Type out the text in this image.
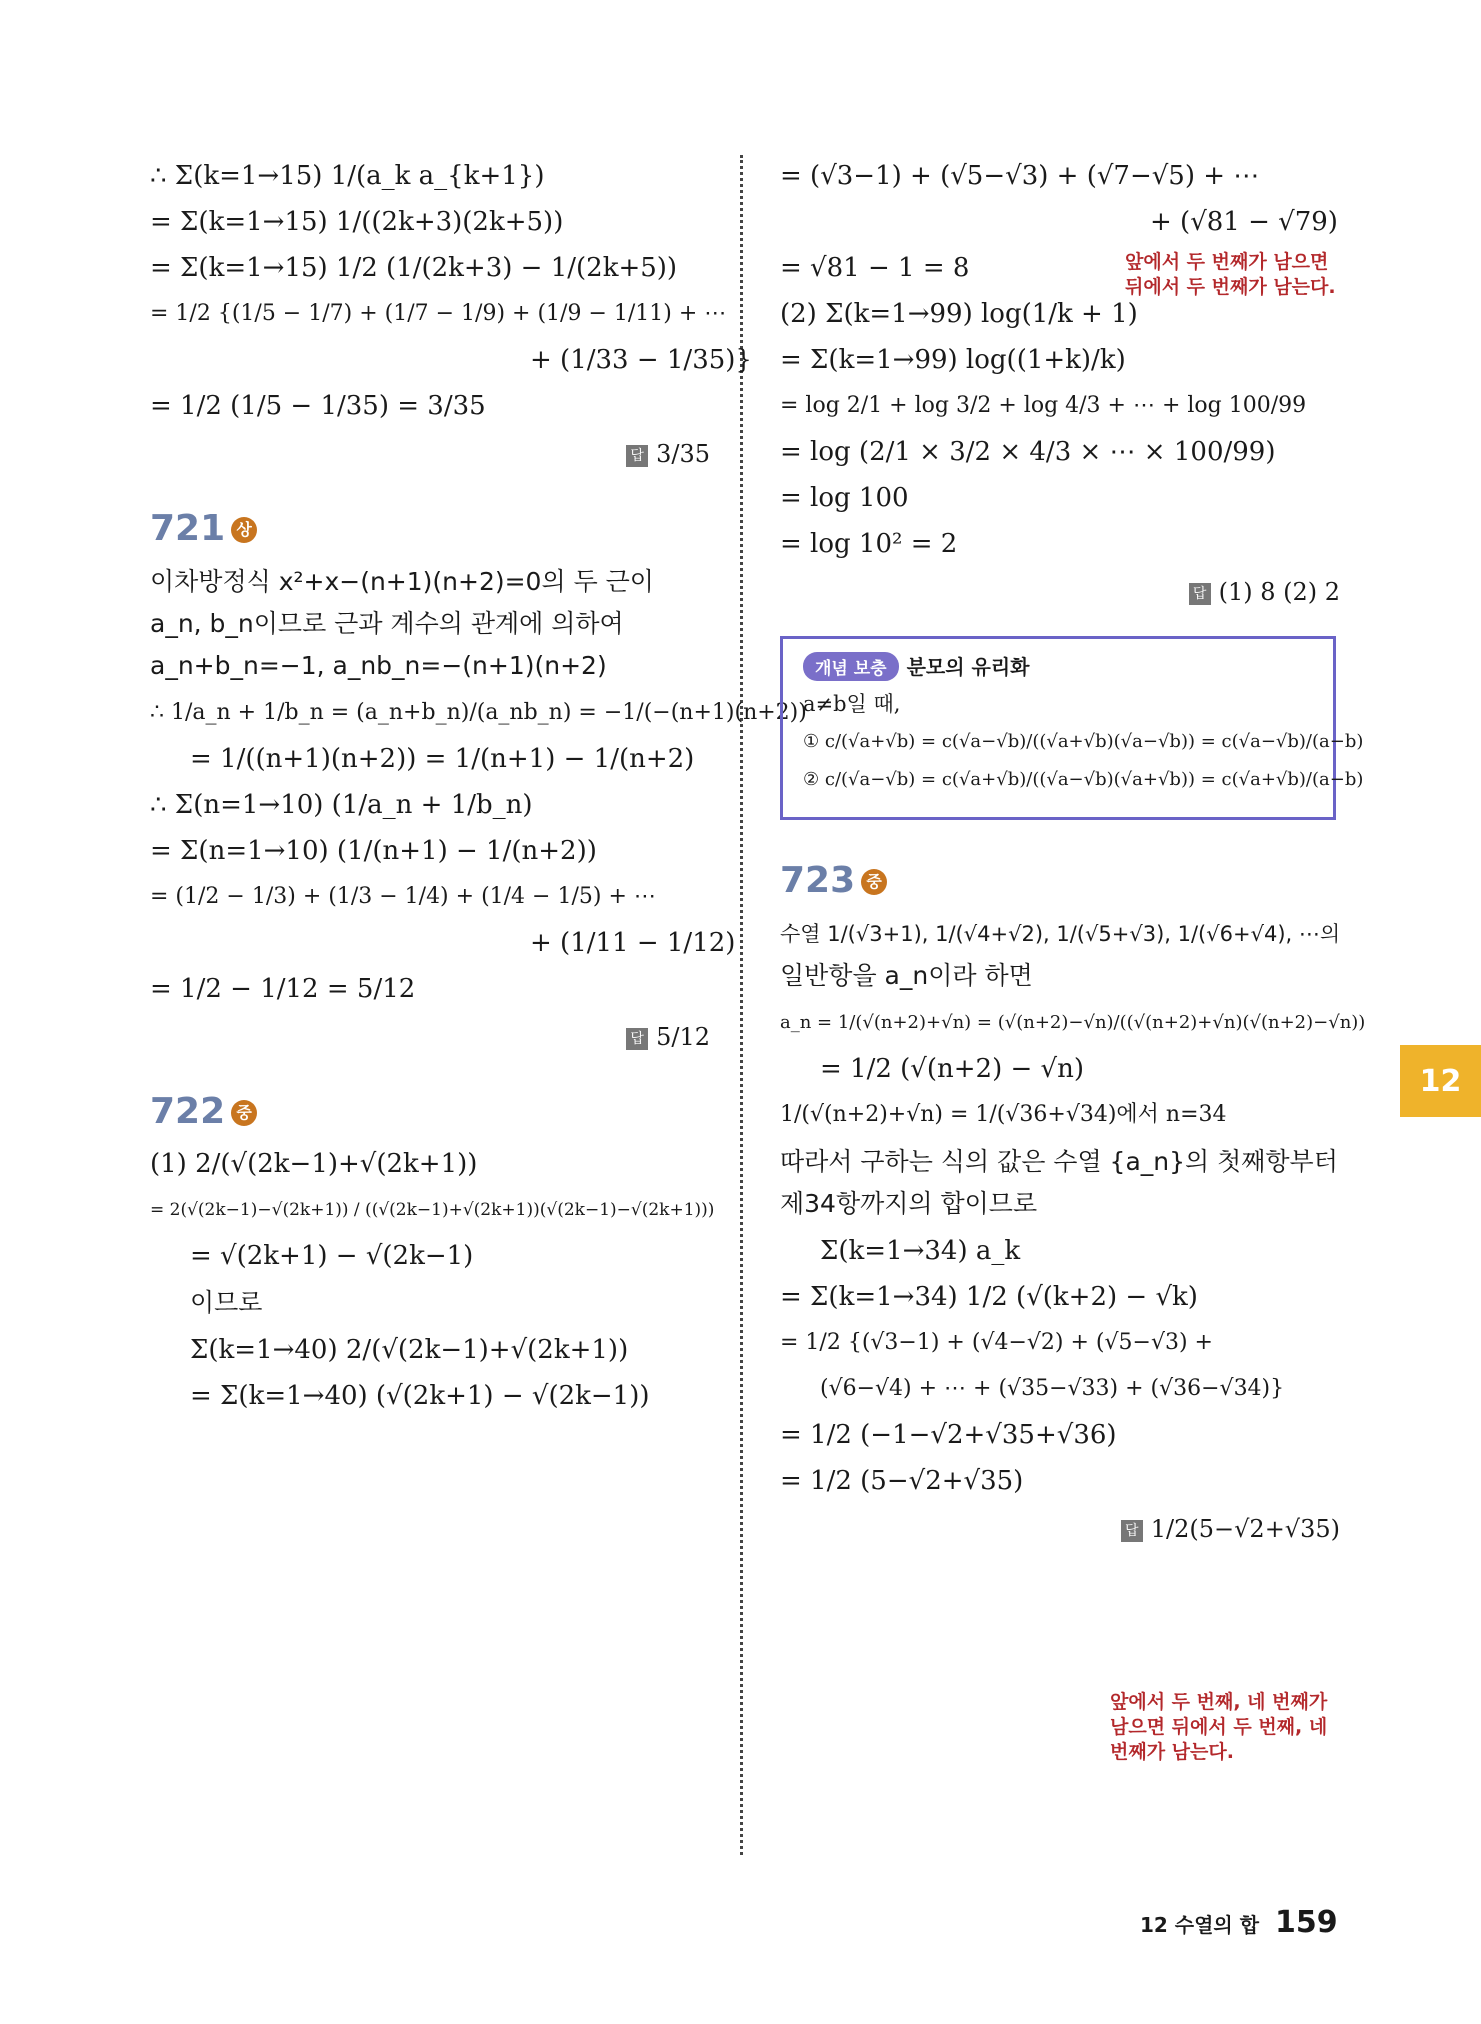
∴ Σ(k=1→15) 1/(a_k a_{k+1})
= Σ(k=1→15) 1/((2k+3)(2k+5))
= Σ(k=1→15) 1/2 (1/(2k+3) − 1/(2k+5))
= 1/2 {(1/5 − 1/7) + (1/7 − 1/9) + (1/9 − 1/11) + ⋯
+ (1/33 − 1/35)}
= 1/2 (1/5 − 1/35) = 3/35
답 3/35
721 상
이차방정식 x²+x−(n+1)(n+2)=0의 두 근이
a_n, b_n이므로 근과 계수의 관계에 의하여
a_n+b_n=−1, a_nb_n=−(n+1)(n+2)
∴ 1/a_n + 1/b_n = (a_n+b_n)/(a_nb_n) = −1/(−(n+1)(n+2))
= 1/((n+1)(n+2)) = 1/(n+1) − 1/(n+2)
∴ Σ(n=1→10) (1/a_n + 1/b_n)
= Σ(n=1→10) (1/(n+1) − 1/(n+2))
= (1/2 − 1/3) + (1/3 − 1/4) + (1/4 − 1/5) + ⋯
+ (1/11 − 1/12)
= 1/2 − 1/12 = 5/12
답 5/12
722 중
(1) 2/(√(2k−1)+√(2k+1))
= 2(√(2k−1)−√(2k+1)) / ((√(2k−1)+√(2k+1))(√(2k−1)−√(2k+1)))
= √(2k+1) − √(2k−1)
이므로
Σ(k=1→40) 2/(√(2k−1)+√(2k+1))
= Σ(k=1→40) (√(2k+1) − √(2k−1))
= (√3−1) + (√5−√3) + (√7−√5) + ⋯
+ (√81 − √79)
= √81 − 1 = 8
(2) Σ(k=1→99) log(1/k + 1)
= Σ(k=1→99) log((1+k)/k)
= log 2/1 + log 3/2 + log 4/3 + ⋯ + log 100/99
= log (2/1 × 3/2 × 4/3 × ⋯ × 100/99)
= log 100
= log 10² = 2
답 (1) 8 (2) 2
개념 보충 분모의 유리화
a≠b일 때,
① c/(√a+√b) = c(√a−√b)/((√a+√b)(√a−√b)) = c(√a−√b)/(a−b)
② c/(√a−√b) = c(√a+√b)/((√a−√b)(√a+√b)) = c(√a+√b)/(a−b)
723 중
수열 1/(√3+1), 1/(√4+√2), 1/(√5+√3), 1/(√6+√4), ⋯의
일반항을 a_n이라 하면
a_n = 1/(√(n+2)+√n) = (√(n+2)−√n)/((√(n+2)+√n)(√(n+2)−√n))
= 1/2 (√(n+2) − √n)
1/(√(n+2)+√n) = 1/(√36+√34)에서 n=34
따라서 구하는 식의 값은 수열 {a_n}의 첫째항부터
제34항까지의 합이므로
Σ(k=1→34) a_k
= Σ(k=1→34) 1/2 (√(k+2) − √k)
= 1/2 {(√3−1) + (√4−√2) + (√5−√3) +
(√6−√4) + ⋯ + (√35−√33) + (√36−√34)}
= 1/2 (−1−√2+√35+√36)
= 1/2 (5−√2+√35)
답 1/2(5−√2+√35)
앞에서 두 번째가 남으면
뒤에서 두 번째가 남는다.
앞에서 두 번째, 네 번째가
남으면 뒤에서 두 번째, 네
번째가 남는다.
12
12 수열의 합 159
